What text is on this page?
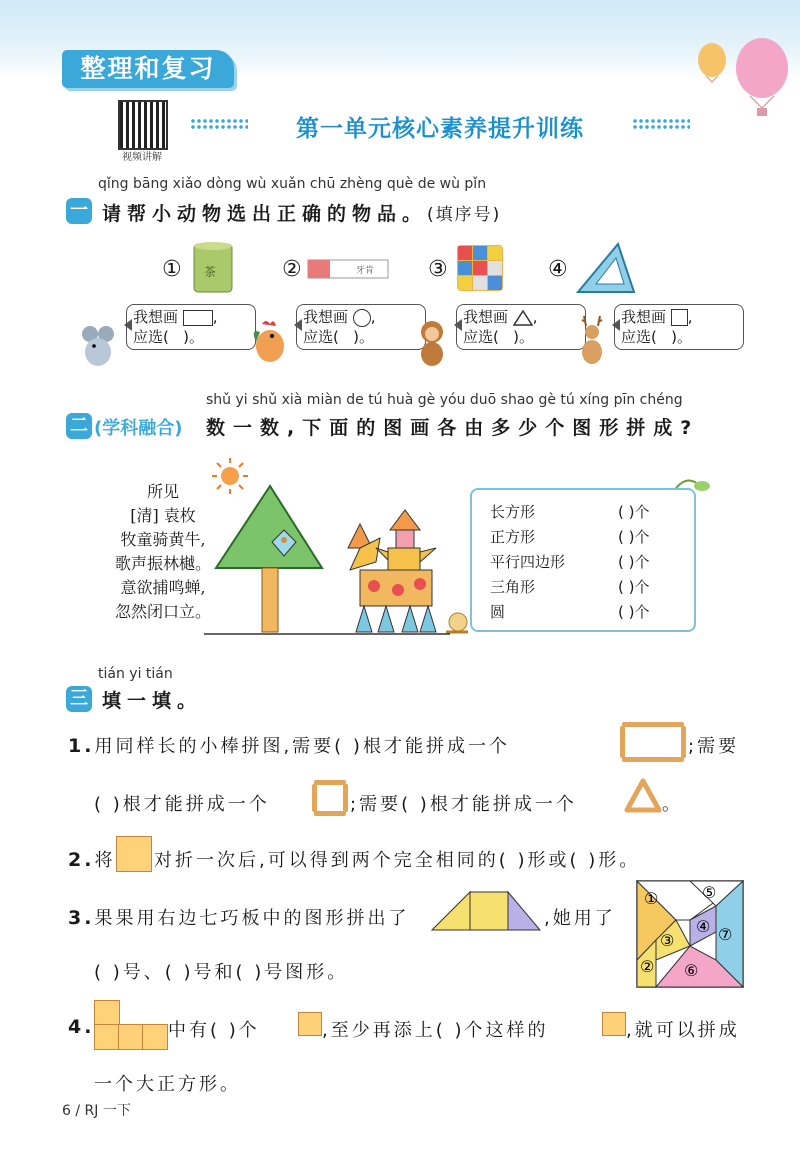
整理和复习
视频讲解
第一单元核心素养提升训练
qǐng bāng xiǎo dòng wù xuǎn chū zhèng què de wù pǐn
一 请帮小动物选出正确的物品。(填序号)
① 茶	②	牙肯 ③	④
我想画 ,
应选( )。
我想画 ,
应选( )。
我想画 ,
应选( )。
我想画 ,
应选( )。
shǔ yi shǔ xià miàn de tú huà gè yóu duō shao gè tú xíng pīn chéng
二 (学科融合) 数一数,下面的图画各由多少个图形拼成?
所见
[清] 袁枚
牧童骑黄牛,
歌声振林樾。
意欲捕鸣蝉,
忽然闭口立。
长方形	( )个
正方形	( )个
平行四边形	( )个
三角形	( )个
圆	( )个
tián yi tián
三 填一填。
1.用同样长的小棒拼图,需要( )根才能拼成一个	;需要
( )根才能拼成一个	;需要( )根才能拼成一个	。
2.将 对折一次后,可以得到两个完全相同的( )形或( )形。
3.果果用右边七巧板中的图形拼出了	,她用了
( )号、( )号和( )号图形。
①	⑤
④
③	⑦
② ⑥
4.	中有( )个	,至少再添上( )个这样的	,就可以拼成
一个大正方形。
6 / RJ 一下
